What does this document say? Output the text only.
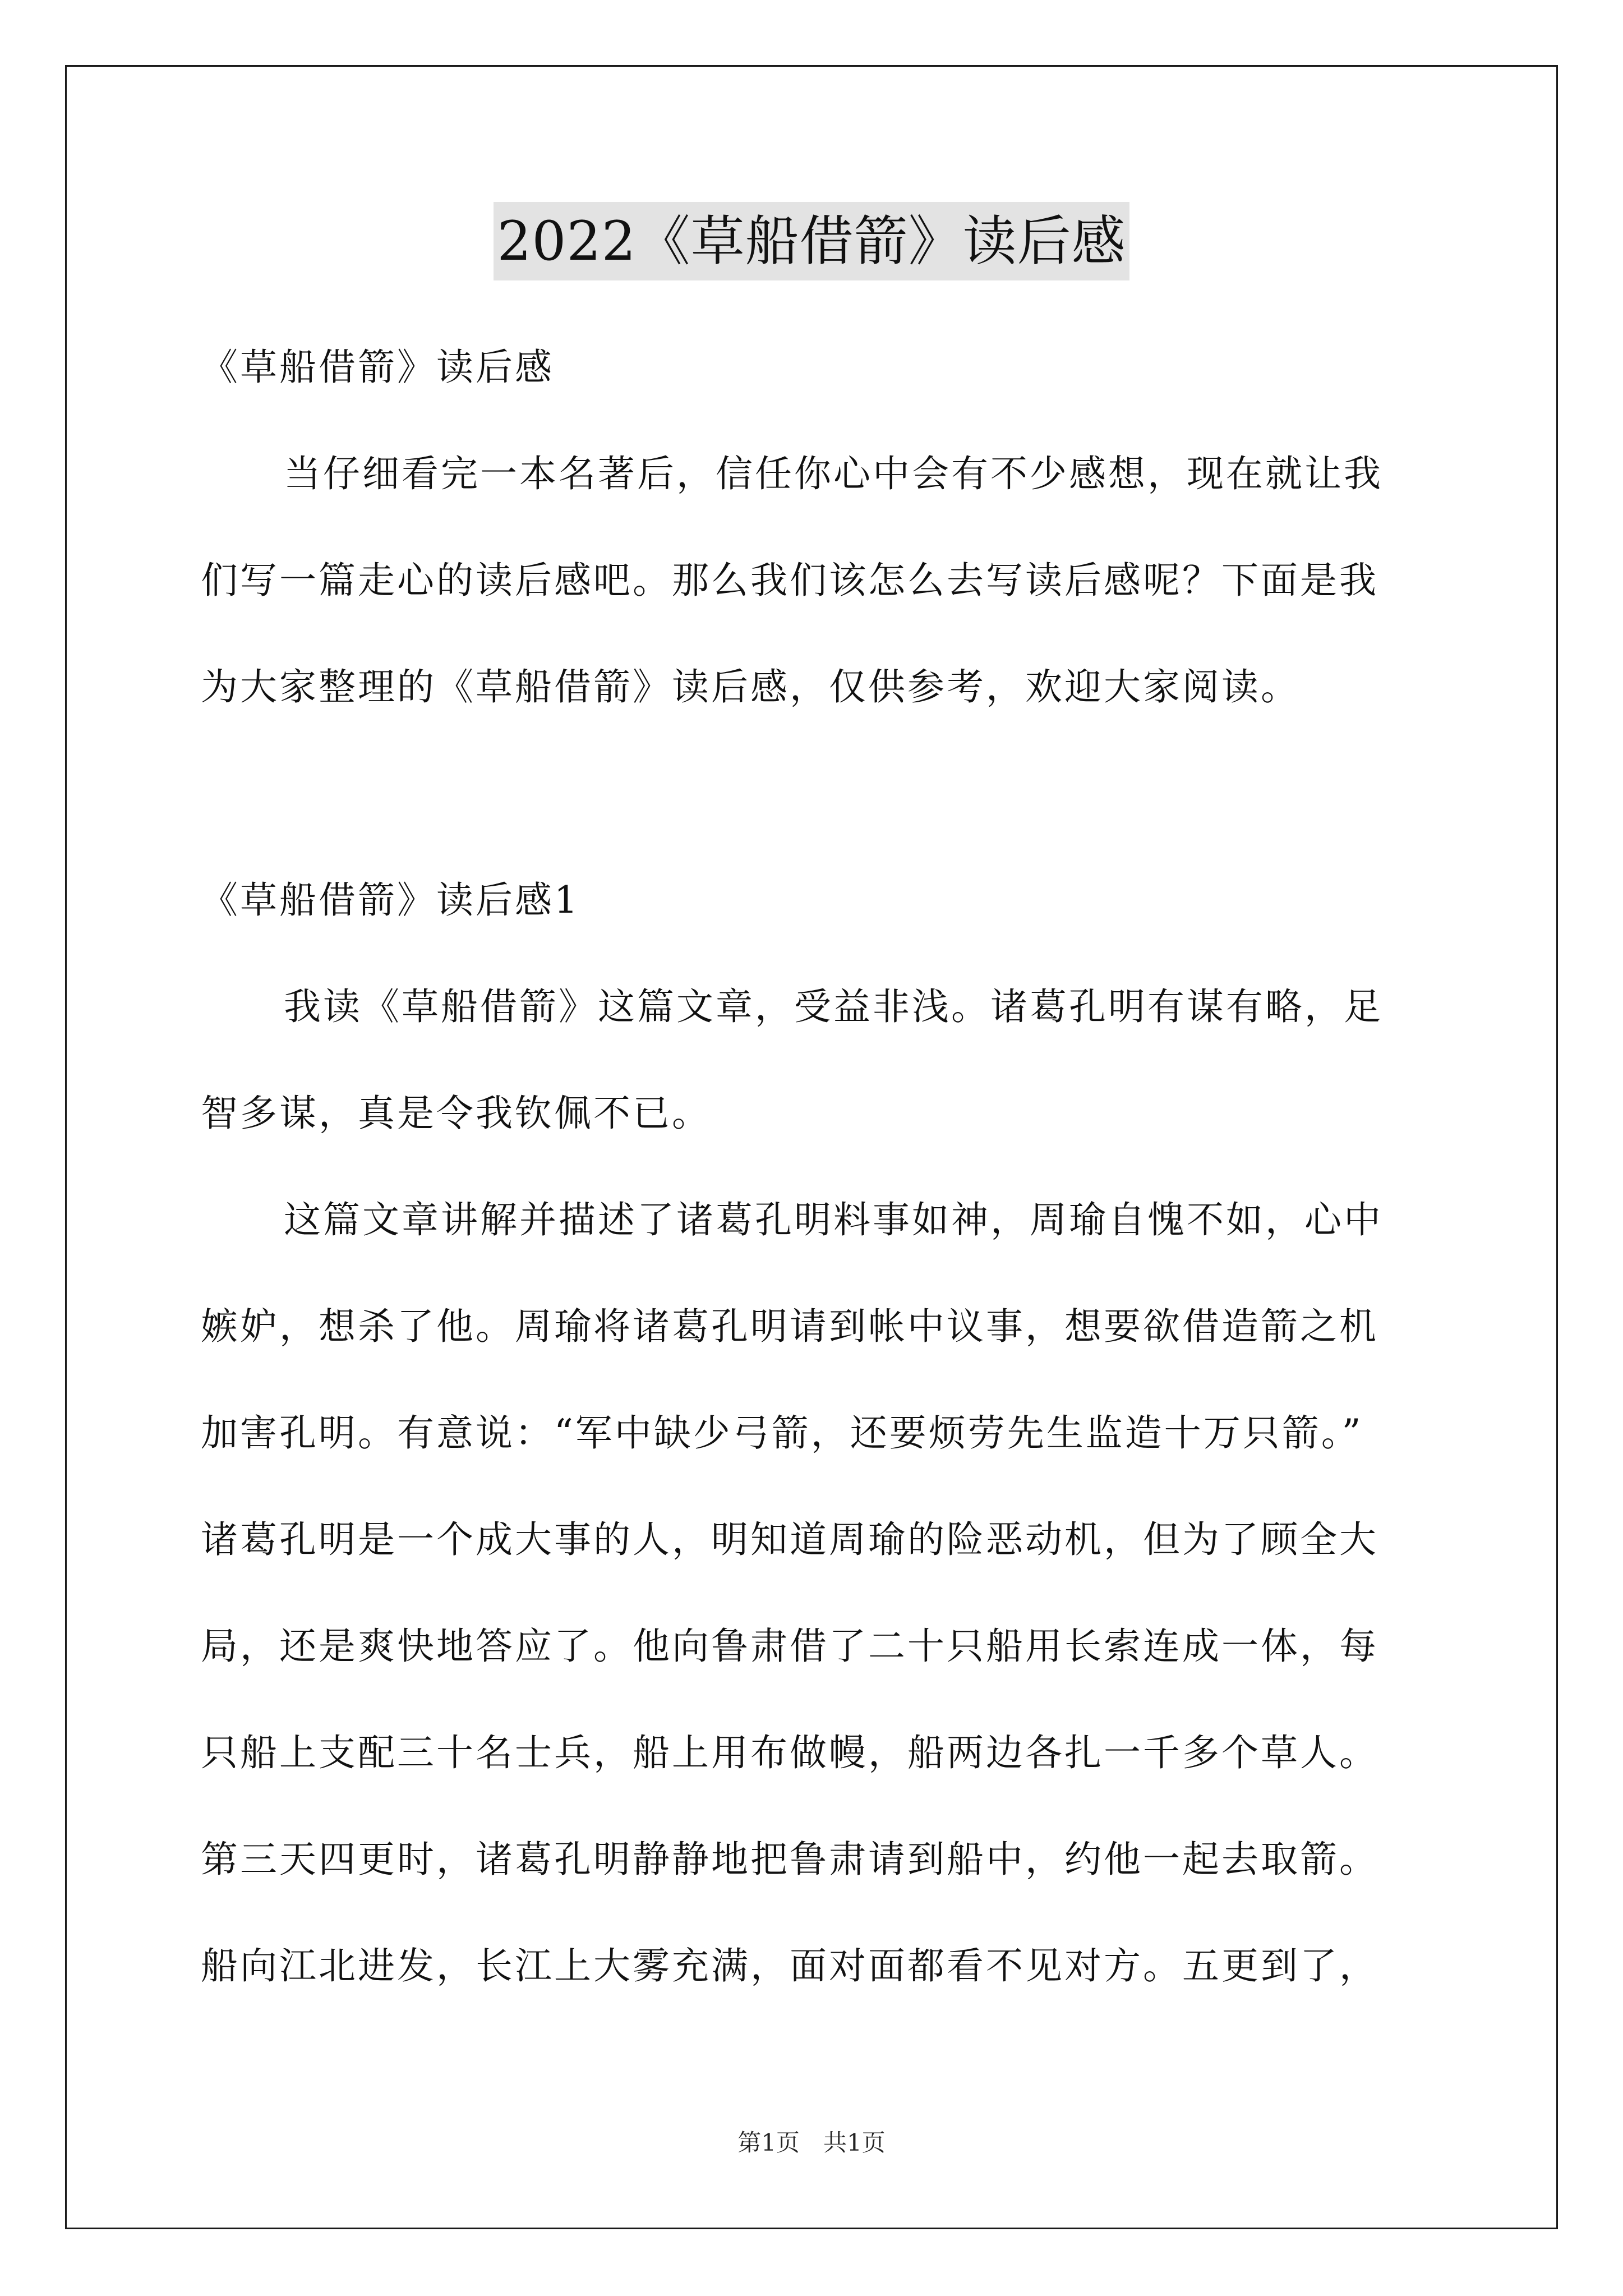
2022《草船借箭》读后感
《草船借箭》读后感
当仔细看完一本名著后，信任你心中会有不少感想，现在就让我
们写一篇走心的读后感吧。那么我们该怎么去写读后感呢？下面是我
为大家整理的《草船借箭》读后感，仅供参考，欢迎大家阅读。
《草船借箭》读后感1
我读《草船借箭》这篇文章，受益非浅。诸葛孔明有谋有略，足
智多谋，真是令我钦佩不已。
这篇文章讲解并描述了诸葛孔明料事如神，周瑜自愧不如，心中
嫉妒，想杀了他。周瑜将诸葛孔明请到帐中议事，想要欲借造箭之机
加害孔明。有意说：“军中缺少弓箭，还要烦劳先生监造十万只箭。”
诸葛孔明是一个成大事的人，明知道周瑜的险恶动机，但为了顾全大
局，还是爽快地答应了。他向鲁肃借了二十只船用长索连成一体，每
只船上支配三十名士兵，船上用布做幔，船两边各扎一千多个草人。
第三天四更时，诸葛孔明静静地把鲁肃请到船中，约他一起去取箭。
船向江北进发，长江上大雾充满，面对面都看不见对方。五更到了，
第1页　共1页
